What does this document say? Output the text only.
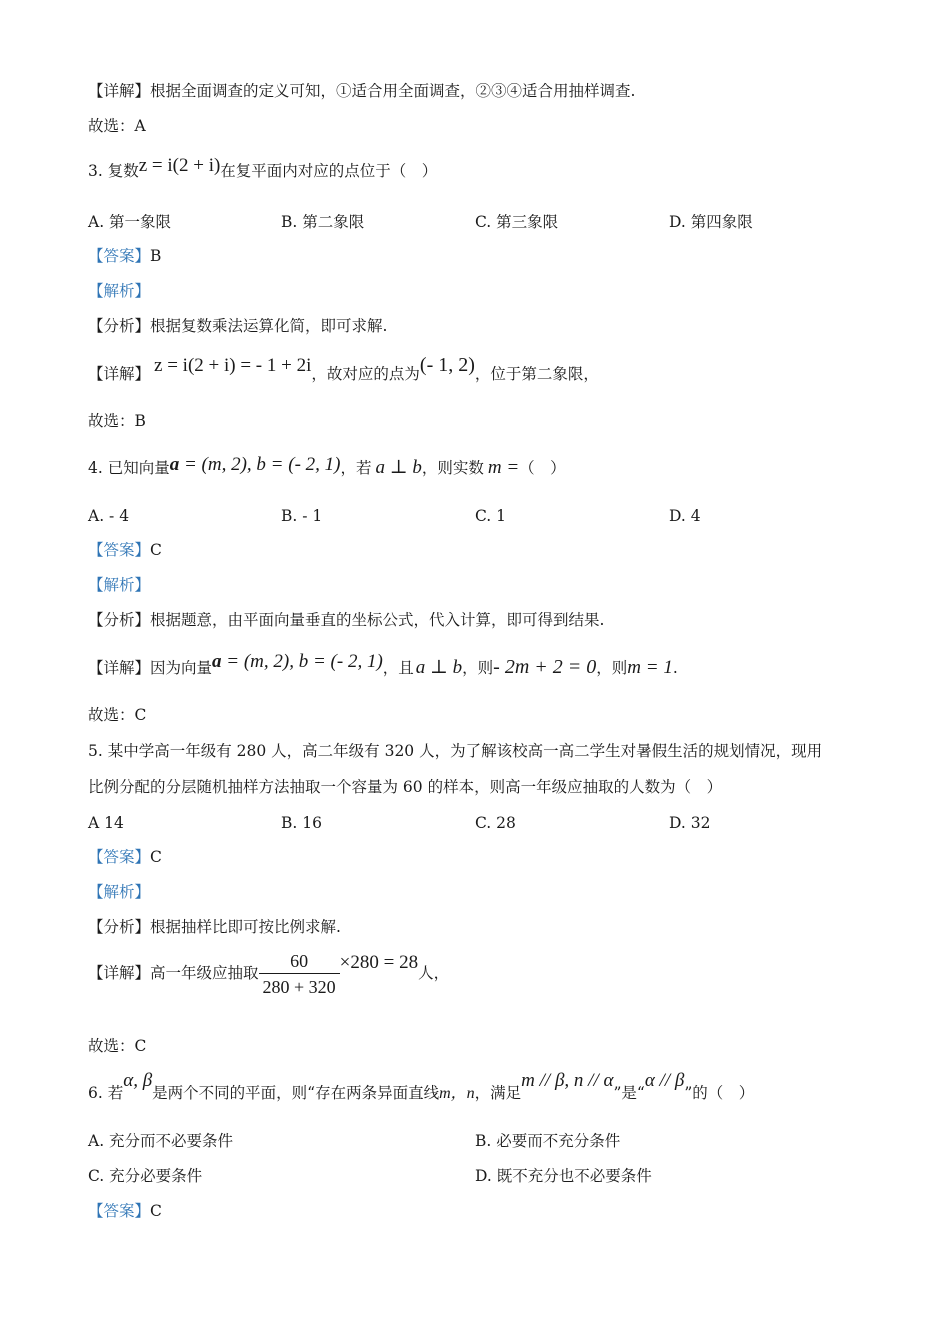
【详解】根据全面调查的定义可知，①适合用全面调查，②③④适合用抽样调查.
故选：A
3. 复数z = i(2 + i)在复平面内对应的点位于（　）
A. 第一象限	B. 第二象限	C. 第三象限	D. 第四象限
【答案】B
【解析】
【分析】根据复数乘法运算化简，即可求解.
【详解】 z = i(2 + i) = - 1 + 2i，故对应的点为(- 1, 2)，位于第二象限，
故选：B
4. 已知向量a = (m, 2), b = (- 2, 1)，若 a ⊥ b，则实数 m =（　）
A. - 4	B. - 1	C. 1	D. 4
【答案】C
【解析】
【分析】根据题意，由平面向量垂直的坐标公式，代入计算，即可得到结果.
【详解】因为向量a = (m, 2), b = (- 2, 1)，且 a ⊥ b，则- 2m + 2 = 0，则m = 1.
故选：C
5. 某中学高一年级有 280 人，高二年级有 320 人，为了解该校高一高二学生对暑假生活的规划情况，现用
比例分配的分层随机抽样方法抽取一个容量为 60 的样本，则高一年级应抽取的人数为（　）
A 14	B. 16	C. 28	D. 32
【答案】C
【解析】
【分析】根据抽样比即可按比例求解.
【详解】高一年级应抽取 $\frac{60}{280 + 320} \times 280 = 28$人，
故选：C
6. 若α, β是两个不同的平面，则“存在两条异面直线m，n，满足m // β, n // α”是“α // β”的（　）
A. 充分而不必要条件	B. 必要而不充分条件
C. 充分必要条件	D. 既不充分也不必要条件
【答案】C
